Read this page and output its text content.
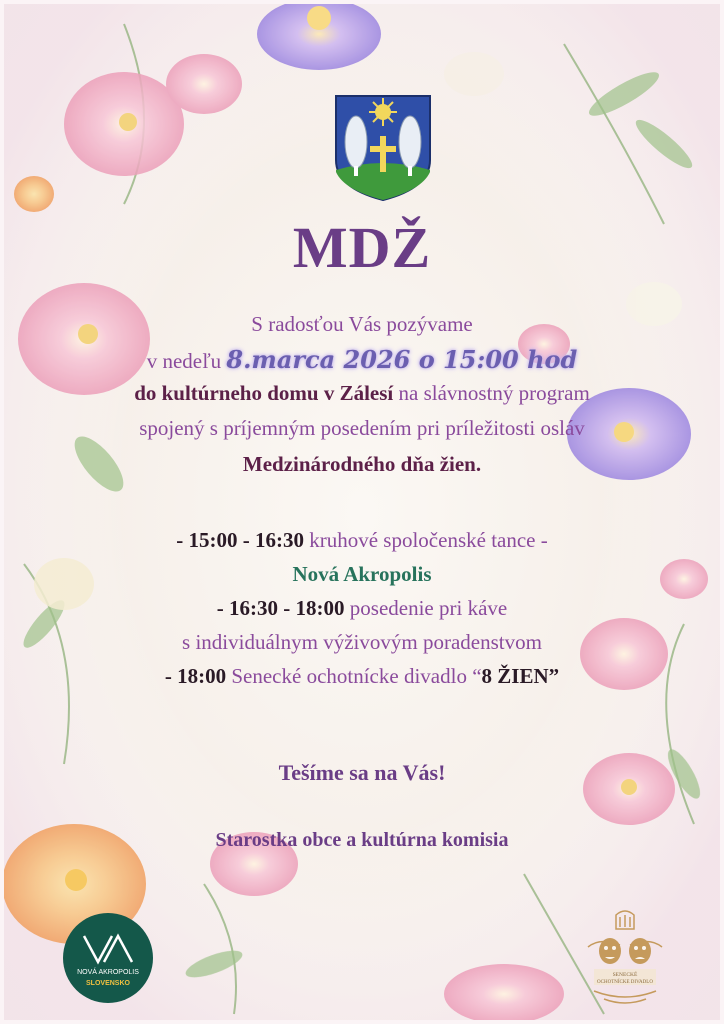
NOVÁ AKROPOLIS
SLOVENSKO
SENECKÉ
OCHOTNÍCKE DIVADLO
MDŽ
S radosťou Vás pozývame
v nedeľu 8.marca 2026 o 15:00 hod
do kultúrneho domu v Zálesí na slávnostný program
spojený s príjemným posedením pri príležitosti osláv
Medzinárodného dňa žien.
- 15:00 - 16:30 kruhové spoločenské tance -
Nová Akropolis
- 16:30 - 18:00 posedenie pri káve
s individuálnym výživovým poradenstvom
- 18:00 Senecké ochotnícke divadlo “8 ŽIEN”
Tešíme sa na Vás!
Starostka obce a kultúrna komisia
